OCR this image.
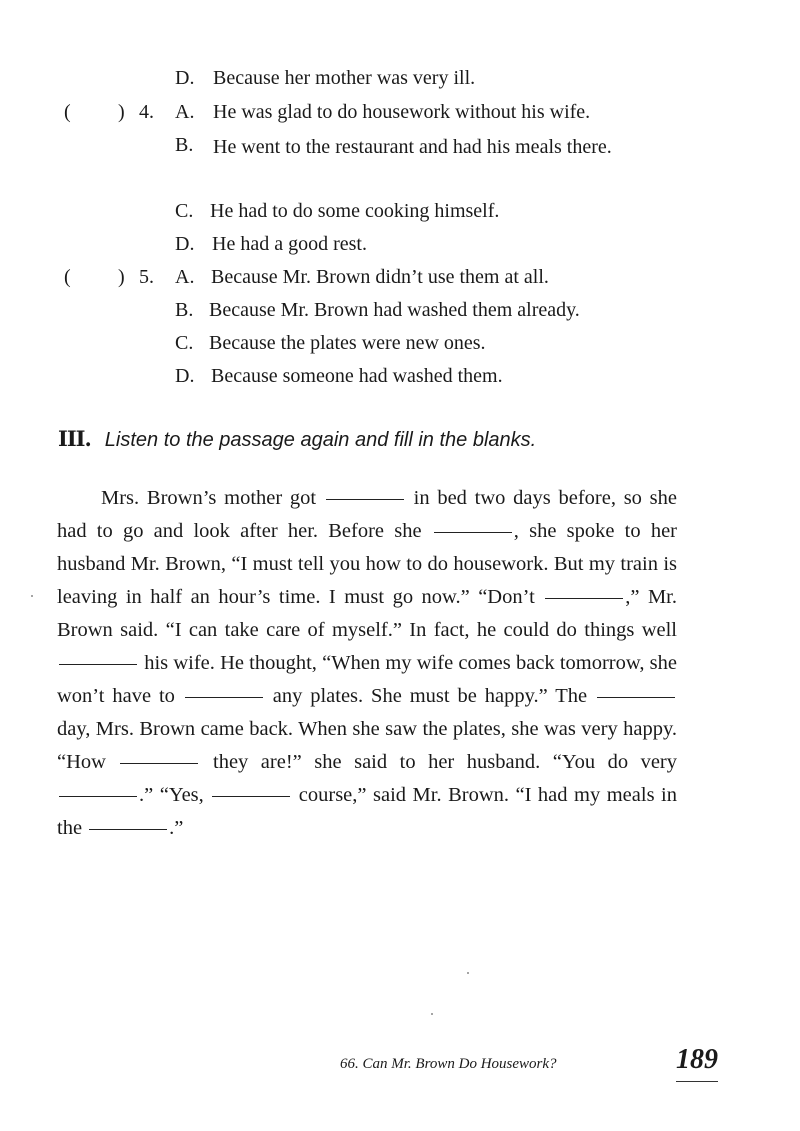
D. Because her mother was very ill.
( ) 4. A. He was glad to do housework without his wife.
B. He went to the restaurant and had his meals there.
C. He had to do some cooking himself.
D. He had a good rest.
( ) 5. A. Because Mr. Brown didn’t use them at all.
B. Because Mr. Brown had washed them already.
C. Because the plates were new ones.
D. Because someone had washed them.
III. Listen to the passage again and fill in the blanks.

Mrs. Brown’s mother got	in bed two days before, so she had to go and look after her. Before she	, she spoke to her husband Mr. Brown, “I must tell you how to do housework. But my train is leaving in half an hour’s time. I must go now.” “Don’t	,” Mr. Brown said. “I can take care of myself.” In fact, he could do things well  his wife. He thought, “When my wife comes back tomorrow, she won’t have to	any plates. She must be happy.” The  day, Mrs. Brown came back. When she saw the plates, she was very happy. “How	they are!” she said to her husband. “You do very .” “Yes,	course,” said Mr. Brown. “I had my meals in the	.”

66. Can Mr. Brown Do Housework?	189
